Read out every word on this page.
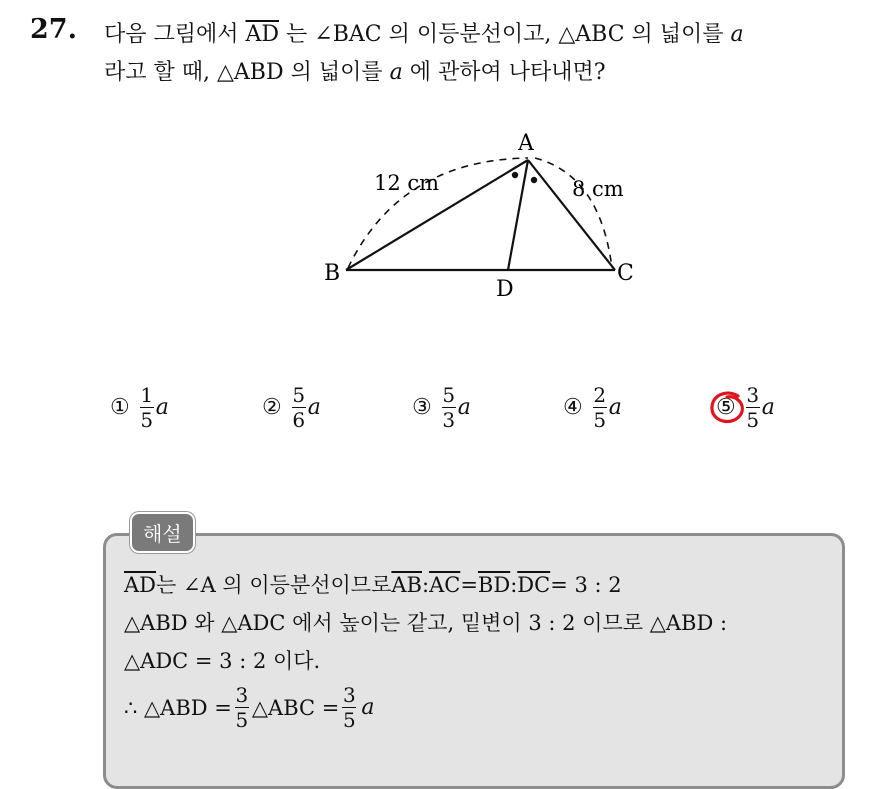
27. 다음 그림에서 $\overline{AD}$ 는 ∠BAC 의 이등분선이고, △ABC 의 넓이를 a
라고 할 때, △ABD 의 넓이를 a 에 관하여 나타내면?
A
B	C
D
12 cm	8 cm
① $\frac{1}{5}$ a	② $\frac{5}{6}$ a	③ $\frac{5}{3}$ a	④ $\frac{2}{5}$ a	⑤ $\frac{3}{5}$ a
해설
$\overline{AD}$ 는 ∠A 의 이등분선이므로 $\overline{AB}$ : $\overline{AC} = \overline{BD}$ : $\overline{DC} = 3$ : 2
△ABD 와 △ADC 에서 높이는 같고, 밑변이 3 : 2 이므로 △ABD :
△ADC = 3 : 2 이다.
∴ △ABD = $\frac{3}{5}$ △ABC = $\frac{3}{5}$ a
